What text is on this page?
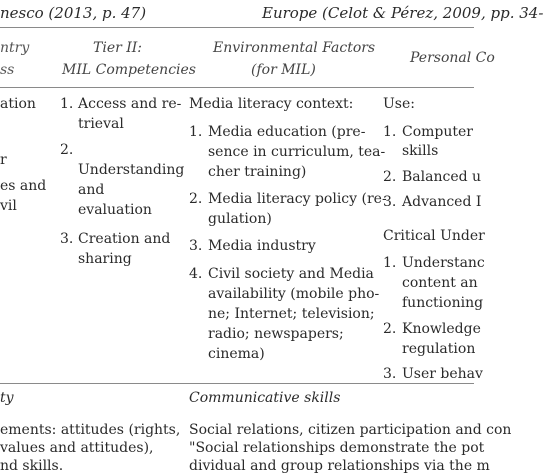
nesco (2013, p. 47)	Europe (Celot & Pérez, 2009, pp. 34-
ntry
ss
Tier II:
MIL Competencies
Environmental Factors
(for MIL)
Personal Co
ation
r
es and
vil
1. Access and re-
trieval
2.
Understanding
and
evaluation
3. Creation and
sharing
Media literacy context:
1. Media education (pre-
sence in curriculum, tea-
cher training)
2. Media literacy policy (re-
gulation)
3. Media industry
4. Civil society and Media
availability (mobile pho-
ne; Internet; television;
radio; newspapers;
cinema)
Use:
1. Computer
skills
2. Balanced u
3. Advanced I
Critical Under
1. Understanc
content an
functioning
2. Knowledge
regulation
3. User behav
ty	Communicative skills
ements: attitudes (rights,
values and attitudes),
nd skills.
Social relations, citizen participation and con
"Social relationships demonstrate the pot
dividual and group relationships via the m
